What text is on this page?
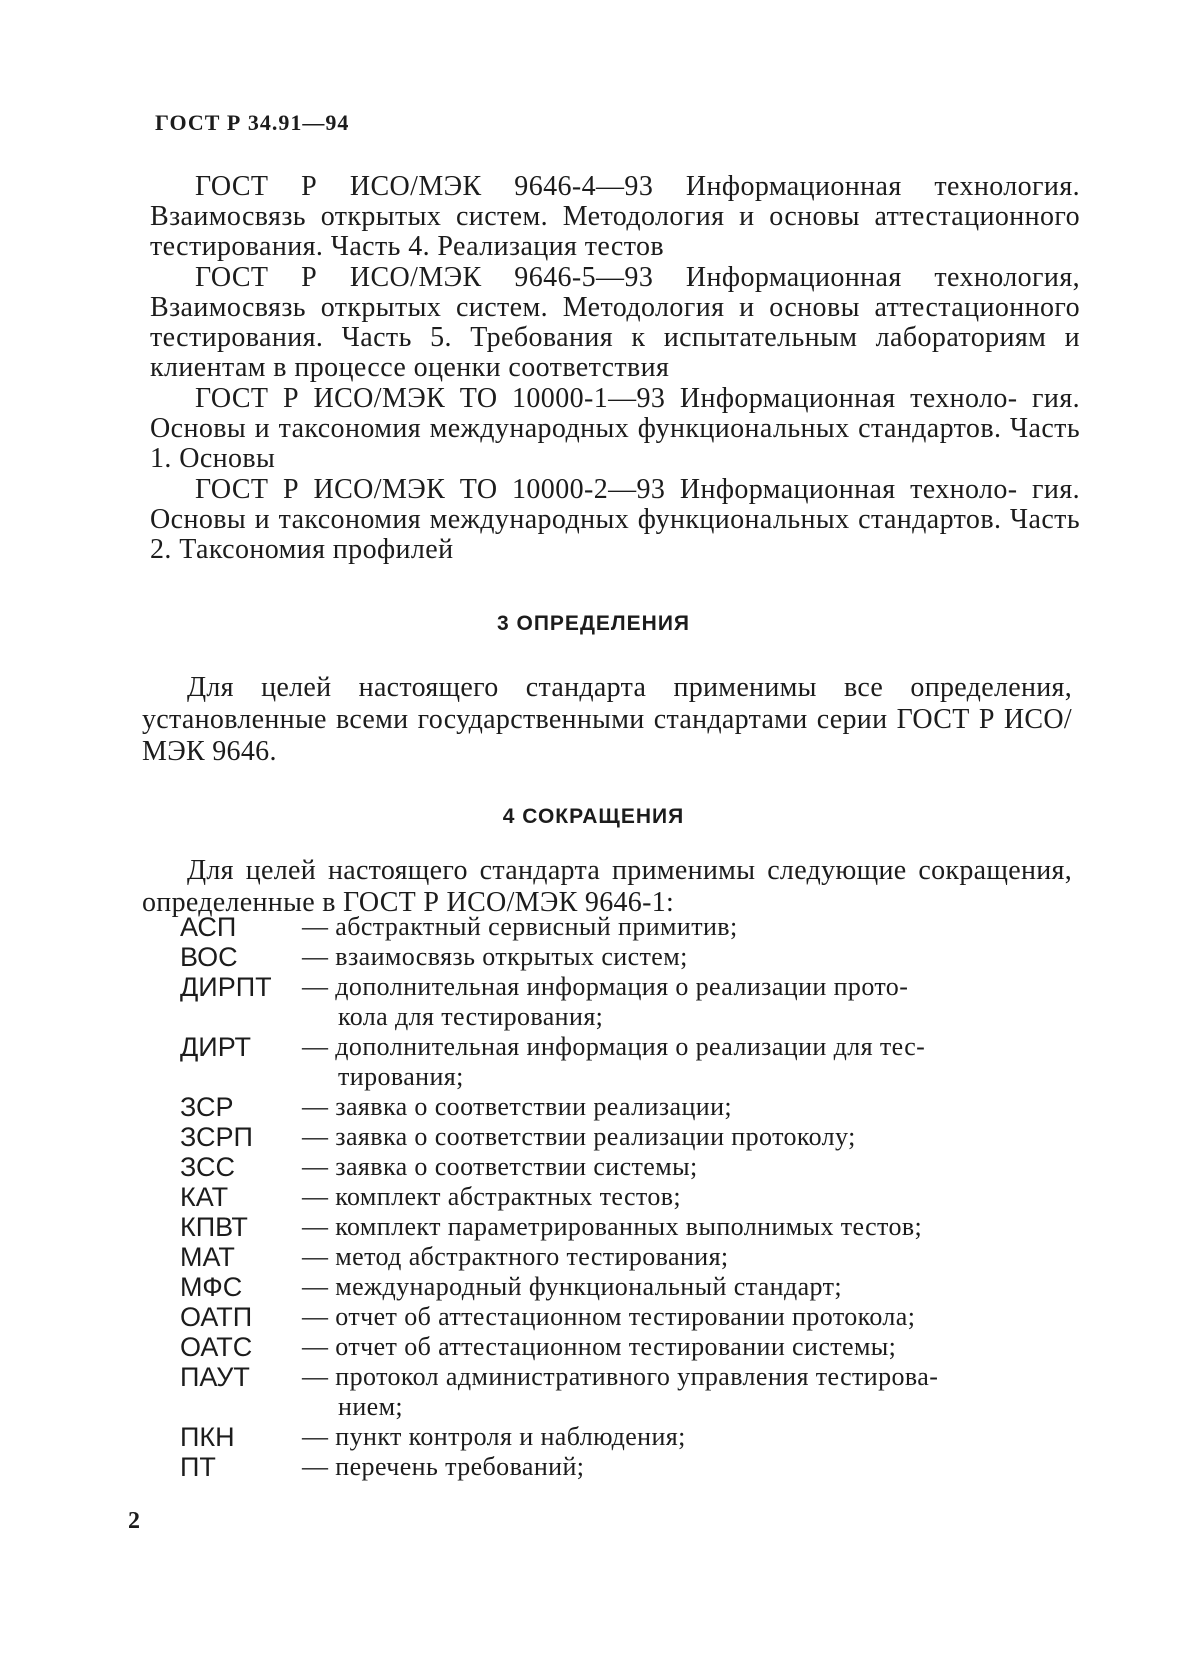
ГОСТ Р 34.91—94

ГОСТ Р ИСО/МЭК 9646-4—93 Информационная технология. Взаимосвязь открытых систем. Методология и основы аттестационного тестирования. Часть 4. Реализация тестов

ГОСТ Р ИСО/МЭК 9646-5—93 Информационная технология, Взаимосвязь открытых систем. Методология и основы аттестационного тестирования. Часть 5. Требования к испытательным лабораториям и клиентам в процессе оценки соответствия

ГОСТ Р ИСО/МЭК ТО 10000-1—93 Информационная техноло- гия. Основы и таксономия международных функциональных стандартов. Часть 1. Основы

ГОСТ Р ИСО/МЭК ТО 10000-2—93 Информационная техноло- гия. Основы и таксономия международных функциональных стандартов. Часть 2. Таксономия профилей

3 ОПРЕДЕЛЕНИЯ

Для целей настоящего стандарта применимы все определения, установленные всеми государственными стандартами серии ГОСТ Р ИСО/МЭК 9646.

4 СОКРАЩЕНИЯ

Для целей настоящего стандарта применимы следующие сокращения, определенные в ГОСТ Р ИСО/МЭК 9646-1:

АСП	— абстрактный сервисный примитив;
ВОС	— взаимосвязь открытых систем;
ДИРПТ	— дополнительная информация о реализации прото-
кола для тестирования;
ДИРТ	— дополнительная информация о реализации для тес-
тирования;
ЗСР	— заявка о соответствии реализации;
ЗСРП	— заявка о соответствии реализации протоколу;
ЗСС	— заявка о соответствии системы;
КАТ	— комплект абстрактных тестов;
КПВТ	— комплект параметрированных выполнимых тестов;
МАТ	— метод абстрактного тестирования;
МФС	— международный функциональный стандарт;
ОАТП	— отчет об аттестационном тестировании протокола;
ОАТС	— отчет об аттестационном тестировании системы;
ПАУТ	— протокол административного управления тестирова-
нием;
ПКН	— пункт контроля и наблюдения;
ПТ	— перечень требований;

2
